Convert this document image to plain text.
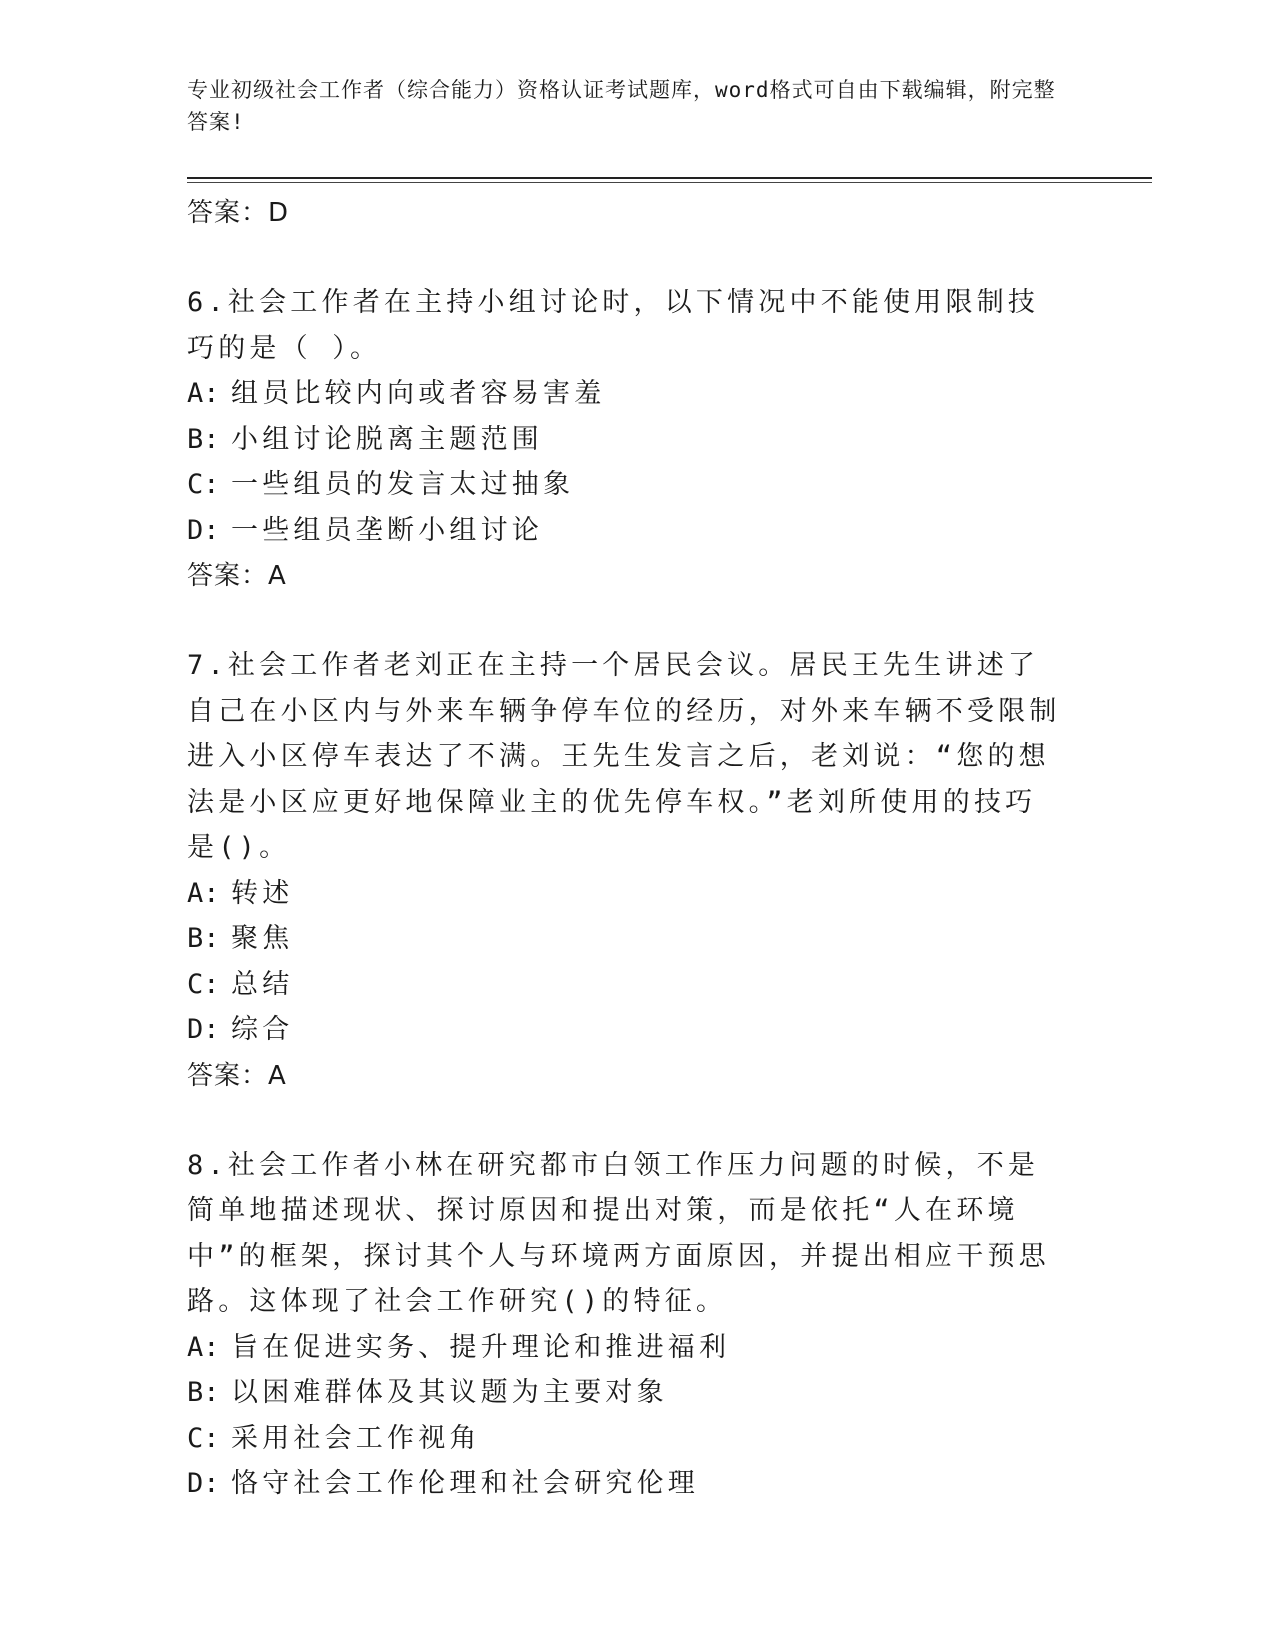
专业初级社会工作者（综合能力）资格认证考试题库，word格式可自由下载编辑，附完整答案!
答案：D
6.社会工作者在主持小组讨论时，以下情况中不能使用限制技巧的是（ ）。
A: 组员比较内向或者容易害羞
B: 小组讨论脱离主题范围
C: 一些组员的发言太过抽象
D: 一些组员垄断小组讨论
答案：A
7.社会工作者老刘正在主持一个居民会议。居民王先生讲述了自己在小区内与外来车辆争停车位的经历，对外来车辆不受限制进入小区停车表达了不满。王先生发言之后，老刘说：“您的想法是小区应更好地保障业主的优先停车权。”老刘所使用的技巧是()。
A: 转述
B: 聚焦
C: 总结
D: 综合
答案：A
8.社会工作者小林在研究都市白领工作压力问题的时候，不是简单地描述现状、探讨原因和提出对策，而是依托“人在环境中”的框架，探讨其个人与环境两方面原因，并提出相应干预思路。这体现了社会工作研究()的特征。
A: 旨在促进实务、提升理论和推进福利
B: 以困难群体及其议题为主要对象
C: 采用社会工作视角
D: 恪守社会工作伦理和社会研究伦理
